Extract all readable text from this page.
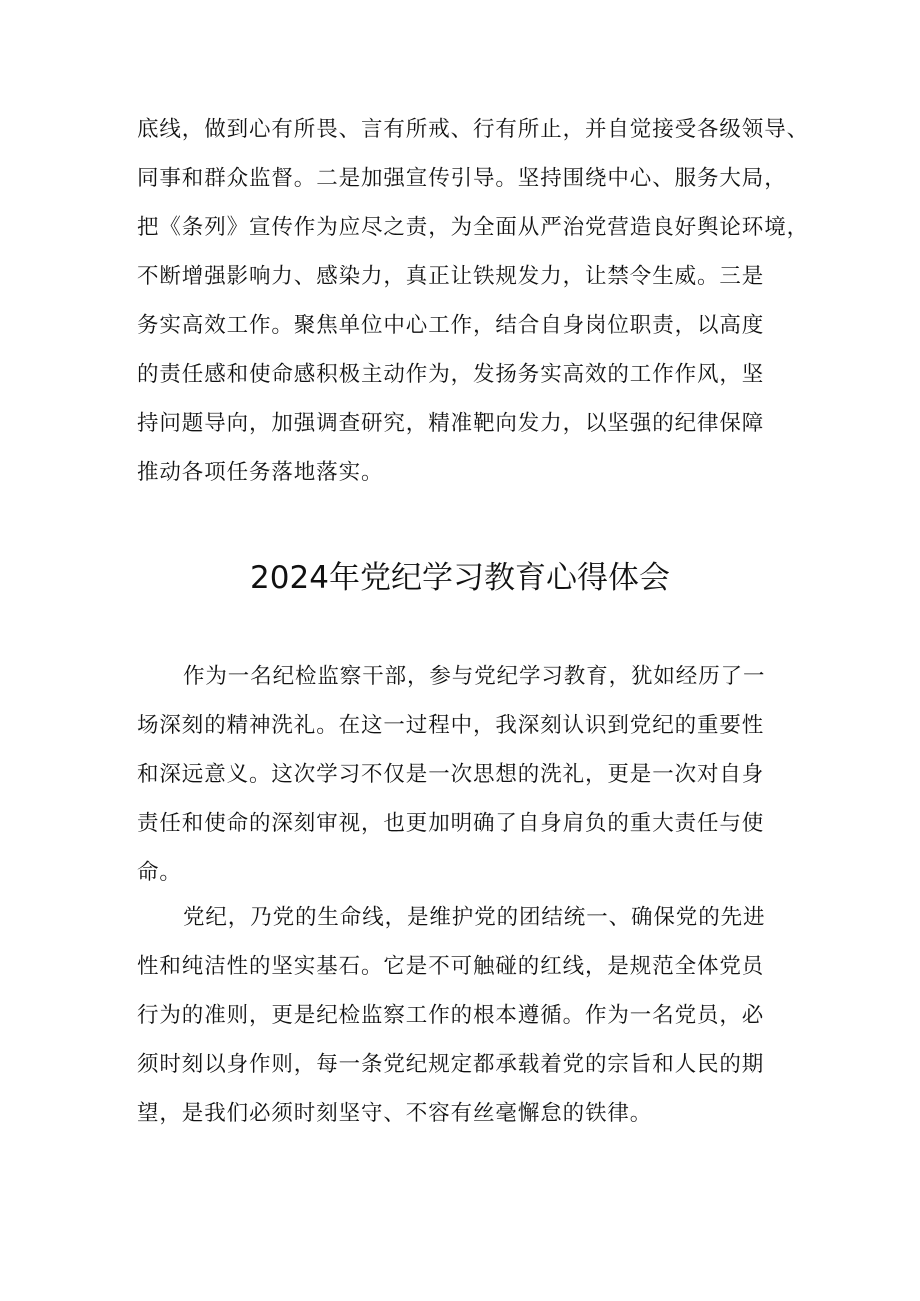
底线，做到心有所畏、言有所戒、行有所止，并自觉接受各级领导、
同事和群众监督。二是加强宣传引导。坚持围绕中心、服务大局，
把《条列》宣传作为应尽之责，为全面从严治党营造良好舆论环境，
不断增强影响力、感染力，真正让铁规发力，让禁令生威。三是
务实高效工作。聚焦单位中心工作，结合自身岗位职责，以高度
的责任感和使命感积极主动作为，发扬务实高效的工作作风，坚
持问题导向，加强调查研究，精准靶向发力，以坚强的纪律保障
推动各项任务落地落实。
2024年党纪学习教育心得体会
作为一名纪检监察干部，参与党纪学习教育，犹如经历了一
场深刻的精神洗礼。在这一过程中，我深刻认识到党纪的重要性
和深远意义。这次学习不仅是一次思想的洗礼，更是一次对自身
责任和使命的深刻审视，也更加明确了自身肩负的重大责任与使
命。
党纪，乃党的生命线，是维护党的团结统一、确保党的先进
性和纯洁性的坚实基石。它是不可触碰的红线，是规范全体党员
行为的准则，更是纪检监察工作的根本遵循。作为一名党员，必
须时刻以身作则，每一条党纪规定都承载着党的宗旨和人民的期
望，是我们必须时刻坚守、不容有丝毫懈怠的铁律。
